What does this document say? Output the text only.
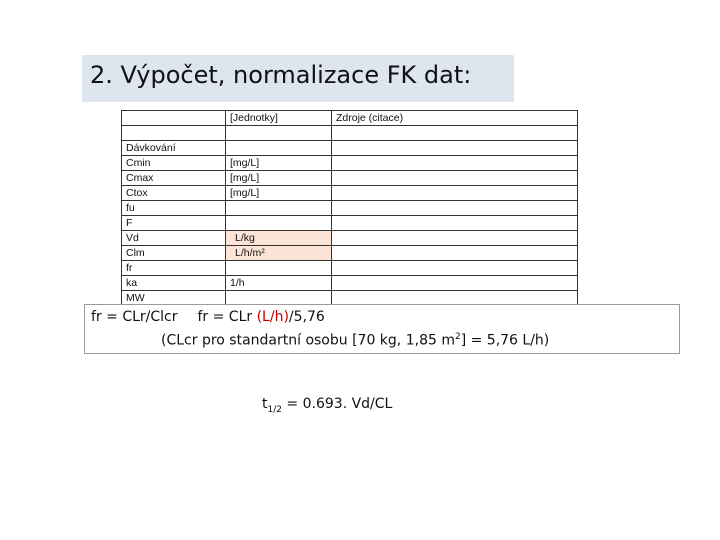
2. Výpočet, normalizace FK dat:
	[Jednotky]	Zdroje (citace)

Dávkování		
Cmin	[mg/L]	
Cmax	[mg/L]	
Ctox	[mg/L]	
fu		
F		
Vd	L/kg	
Clm	L/h/m²	
fr		
ka	1/h	
MW		
fr = CLr/Clcr fr = CLr (L/h)/5,76
(CLcr pro standartní osobu [70 kg, 1,85 $m^2] = 5,76$ L/h)
$t_{1/2} = 0.693$. Vd/CL
